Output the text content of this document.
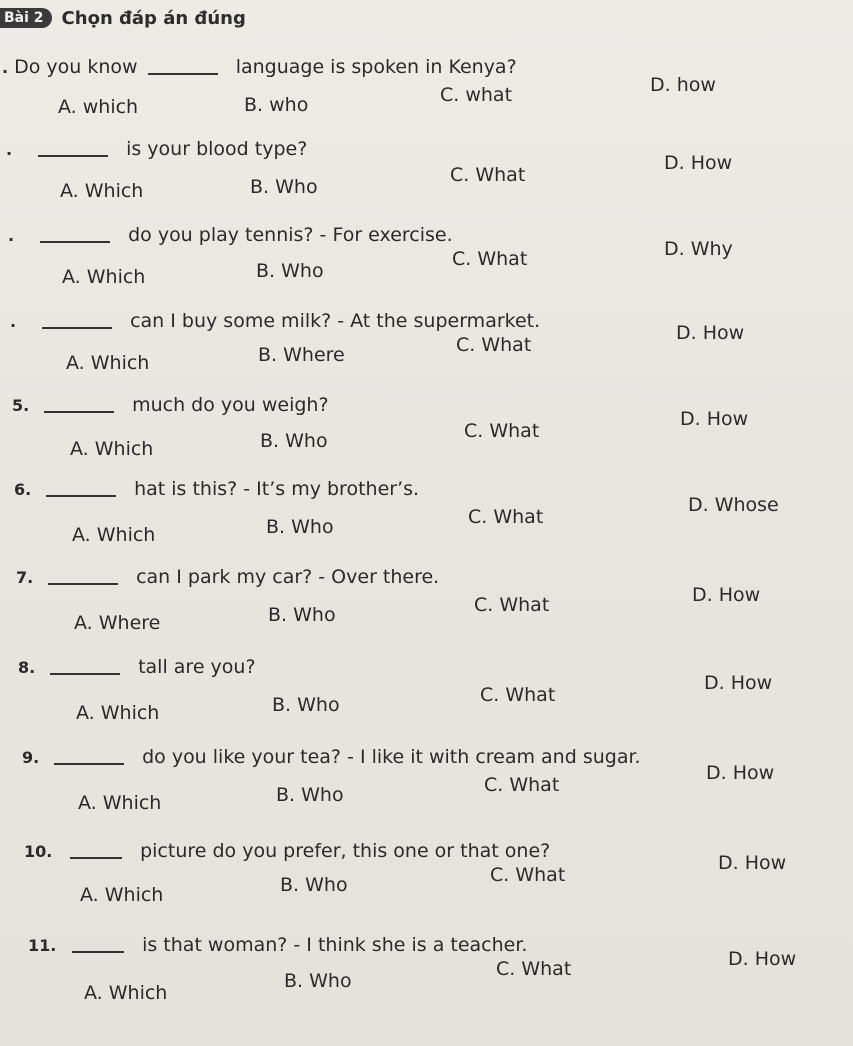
Bài 2	Chọn đáp án đúng
. Do you know	language is spoken in Kenya?
A. which	B. who	C. what	D. how
.	is your blood type?
A. Which	B. Who
C. What
D. How
.	do you play tennis? - For exercise.
A. Which	B. Who
C. What	D. Why
.	can I buy some milk? - At the supermarket.
A. Which	B. Where	C. What
D. How
5.	much do you weigh?
A. Which	B. Who	C. What
D. How
6.	hat is this? - It’s my brother’s.
A. Which	B. Who	C. What
D. Whose
7.	can I park my car? - Over there.
A. Where	B. Who	C. What	D. How
8.	tall are you?
A. Which	B. Who	C. What
D. How
9.	do you like your tea? - I like it with cream and sugar.
A. Which	B. Who	C. What
D. How
10.	picture do you prefer, this one or that one?
A. Which	B. Who	C. What
D. How
11.	is that woman? - I think she is a teacher.
A. Which
B. Who
C. What	D. How
